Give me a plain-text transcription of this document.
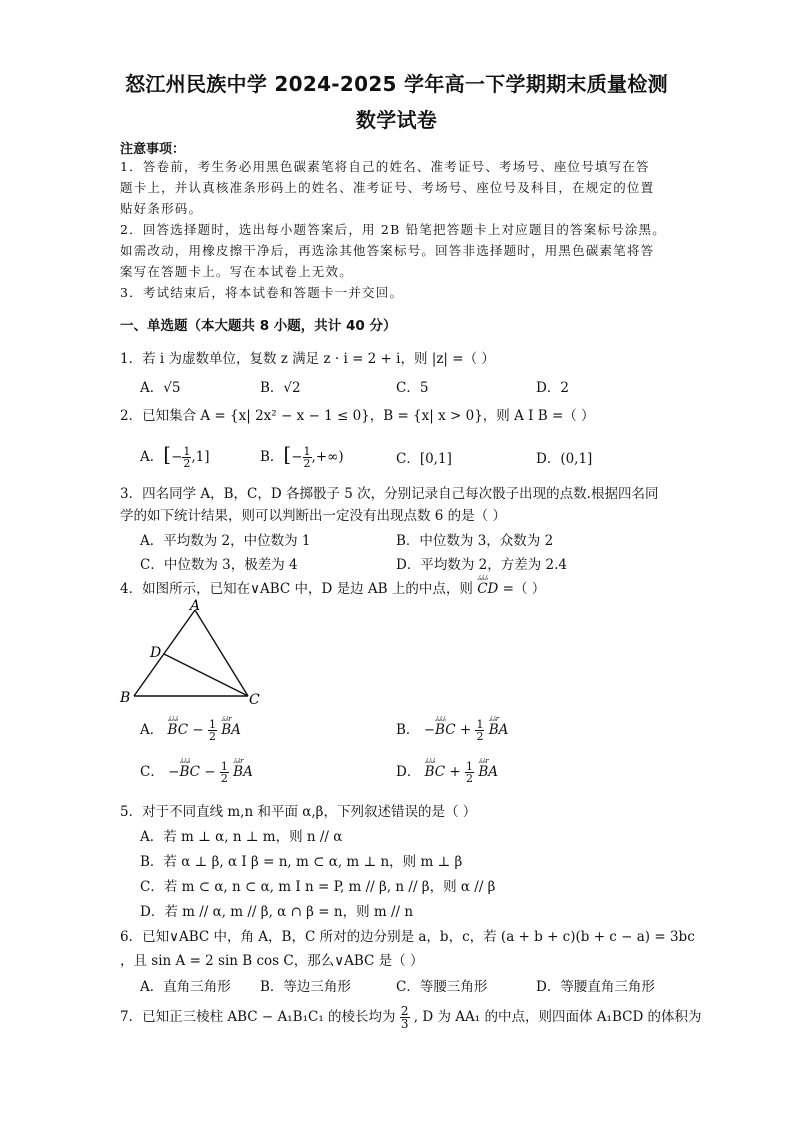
怒江州民族中学 2024-2025 学年高一下学期期末质量检测
数学试卷
注意事项：
1．答卷前，考生务必用黑色碳素笔将自己的姓名、准考证号、考场号、座位号填写在答
题卡上，并认真核准条形码上的姓名、准考证号、考场号、座位号及科目，在规定的位置
贴好条形码。
2．回答选择题时，选出每小题答案后，用 2B 铅笔把答题卡上对应题目的答案标号涂黑。
如需改动，用橡皮擦干净后，再选涂其他答案标号。回答非选择题时，用黑色碳素笔将答
案写在答题卡上。写在本试卷上无效。
3．考试结束后，将本试卷和答题卡一并交回。
一、单选题（本大题共 8 小题，共计 40 分）
1．若 i 为虚数单位，复数 z 满足 z · i = 2 + i，则 |z| =（ ）
A．√5	B．√2	C．5	D．2
2．已知集合 A = {x| 2x² − x − 1 ≤ 0}，B = {x| x > 0}，则 A I B =（ ）
A．[− $\frac{1}{2} ,1$]	B．[− $\frac{1}{2}$ ,+∞)	C．[0,1]	D．(0,1]
3．四名同学 A，B，C，D 各掷骰子 5 次，分别记录自己每次骰子出现的点数.根据四名同
学的如下统计结果，则可以判断出一定没有出现点数 6 的是（ ）
A．平均数为 2，中位数为 1	B．中位数为 3，众数为 2
C．中位数为 3，极差为 4	D．平均数为 2，方差为 2.4
4．如图所示，已知在∨ABC 中，D 是边 AB 上的中点，则
ﾑﾑﾑ
CD =（ ）
A
D
B	C
A．
ﾑﾑﾑ
BC − $\frac{1}{2}$
ﾑﾑr
BA	B． −
ﾑﾑﾑ
BC + $\frac{1}{2}$
ﾑﾑr
BA
C． −
ﾑﾑﾑ
BC − $\frac{1}{2}$
ﾑﾑr
BA	D．
ﾑﾑﾑ
BC + $\frac{1}{2}$
ﾑﾑr
BA
5．对于不同直线 m,n 和平面 α,β，下列叙述错误的是（ ）
A．若 m ⊥ α, n ⊥ m，则 n // α
B．若 α ⊥ β, α I β = n, m ⊂ α, m ⊥ n，则 m ⊥ β
C．若 m ⊂ α, n ⊂ α, m I n = P, m // β, n // β，则 α // β
D．若 m // α, m // β, α ∩ β = n，则 m // n
6．已知∨ABC 中，角 A，B，C 所对的边分别是 a，b，c，若 (a + b + c)(b + c − a) = 3bc
，且 sin A = 2 sin B cos C，那么∨ABC 是（ ）
A．直角三角形 B．等边三角形	C．等腰三角形	D．等腰直角三角形
7．已知正三棱柱 ABC − A₁B₁C₁ 的棱长均为 $\frac{2}{3}$ , D 为 AA₁ 的中点，则四面体 A₁BCD 的体积为
